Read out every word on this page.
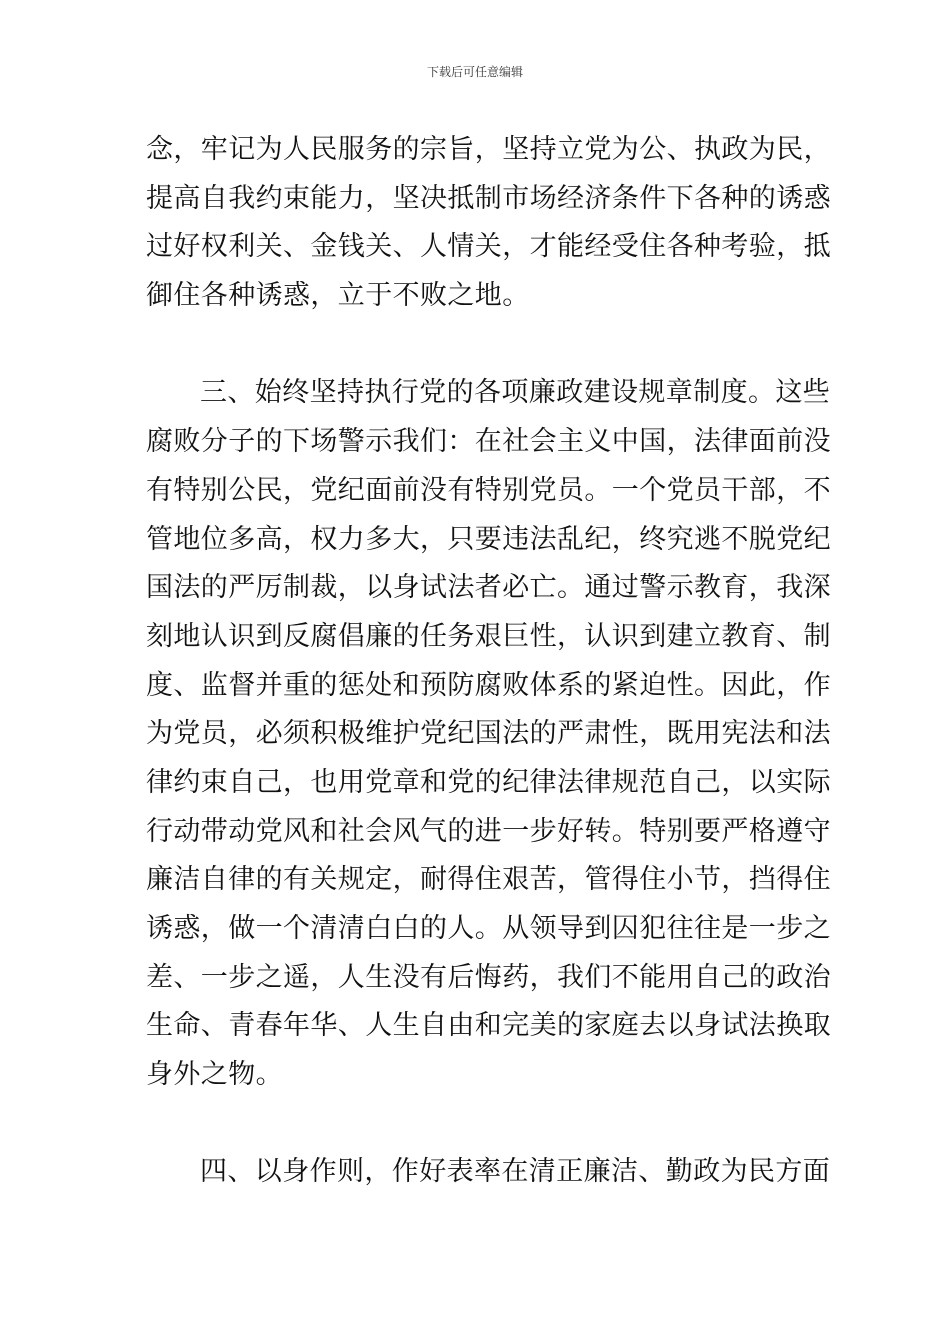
下载后可任意编辑
念，牢记为人民服务的宗旨，坚持立党为公、执政为民，
提高自我约束能力，坚决抵制市场经济条件下各种的诱惑
过好权利关、金钱关、人情关，才能经受住各种考验，抵
御住各种诱惑，立于不败之地。
三、始终坚持执行党的各项廉政建设规章制度。这些
腐败分子的下场警示我们：在社会主义中国，法律面前没
有特别公民，党纪面前没有特别党员。一个党员干部，不
管地位多高，权力多大，只要违法乱纪，终究逃不脱党纪
国法的严厉制裁，以身试法者必亡。通过警示教育，我深
刻地认识到反腐倡廉的任务艰巨性，认识到建立教育、制
度、监督并重的惩处和预防腐败体系的紧迫性。因此，作
为党员，必须积极维护党纪国法的严肃性，既用宪法和法
律约束自己，也用党章和党的纪律法律规范自己，以实际
行动带动党风和社会风气的进一步好转。特别要严格遵守
廉洁自律的有关规定，耐得住艰苦，管得住小节，挡得住
诱惑，做一个清清白白的人。从领导到囚犯往往是一步之
差、一步之遥，人生没有后悔药，我们不能用自己的政治
生命、青春年华、人生自由和完美的家庭去以身试法换取
身外之物。
四、以身作则，作好表率在清正廉洁、勤政为民方面
